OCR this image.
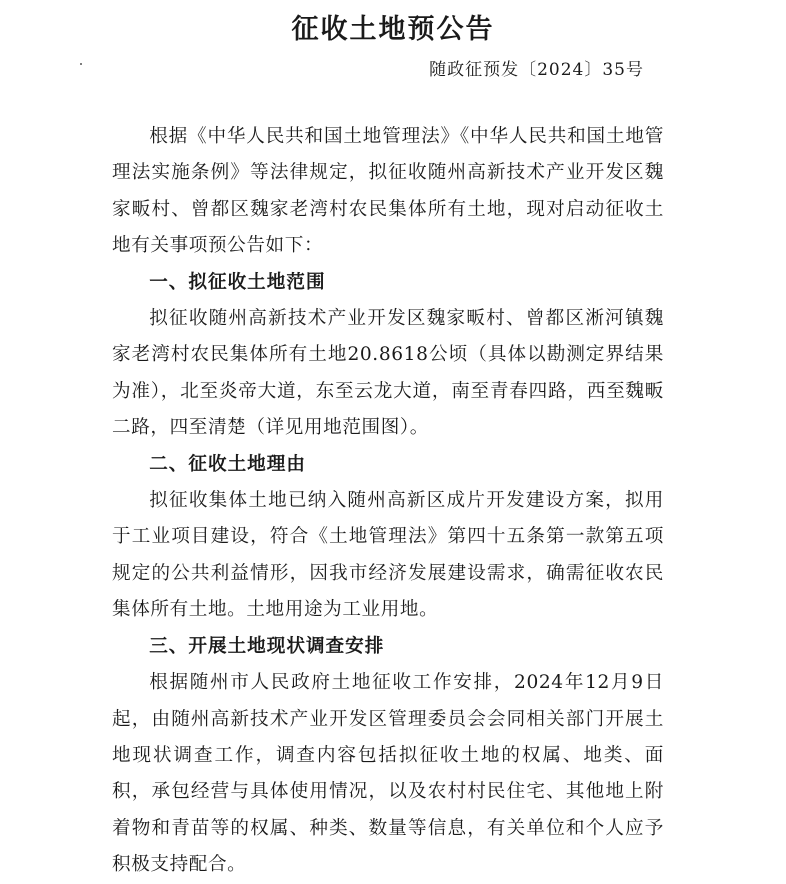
征收土地预公告
随政征预发〔2024〕35号

根据《中华人民共和国土地管理法》《中华人民共和国土地管理法实施条例》等法律规定，拟征收随州高新技术产业开发区魏家畈村、曾都区魏家老湾村农民集体所有土地，现对启动征收土地有关事项预公告如下：

一、拟征收土地范围

拟征收随州高新技术产业开发区魏家畈村、曾都区淅河镇魏家老湾村农民集体所有土地20.8618公顷（具体以勘测定界结果为准），北至炎帝大道，东至云龙大道，南至青春四路，西至魏畈二路，四至清楚（详见用地范围图）。

二、征收土地理由

拟征收集体土地已纳入随州高新区成片开发建设方案，拟用于工业项目建设，符合《土地管理法》第四十五条第一款第五项规定的公共利益情形，因我市经济发展建设需求，确需征收农民集体所有土地。土地用途为工业用地。

三、开展土地现状调查安排

根据随州市人民政府土地征收工作安排，2024年12月9日起，由随州高新技术产业开发区管理委员会会同相关部门开展土地现状调查工作，调查内容包括拟征收土地的权属、地类、面积，承包经营与具体使用情况，以及农村村民住宅、其他地上附着物和青苗等的权属、种类、数量等信息，有关单位和个人应予积极支持配合。
